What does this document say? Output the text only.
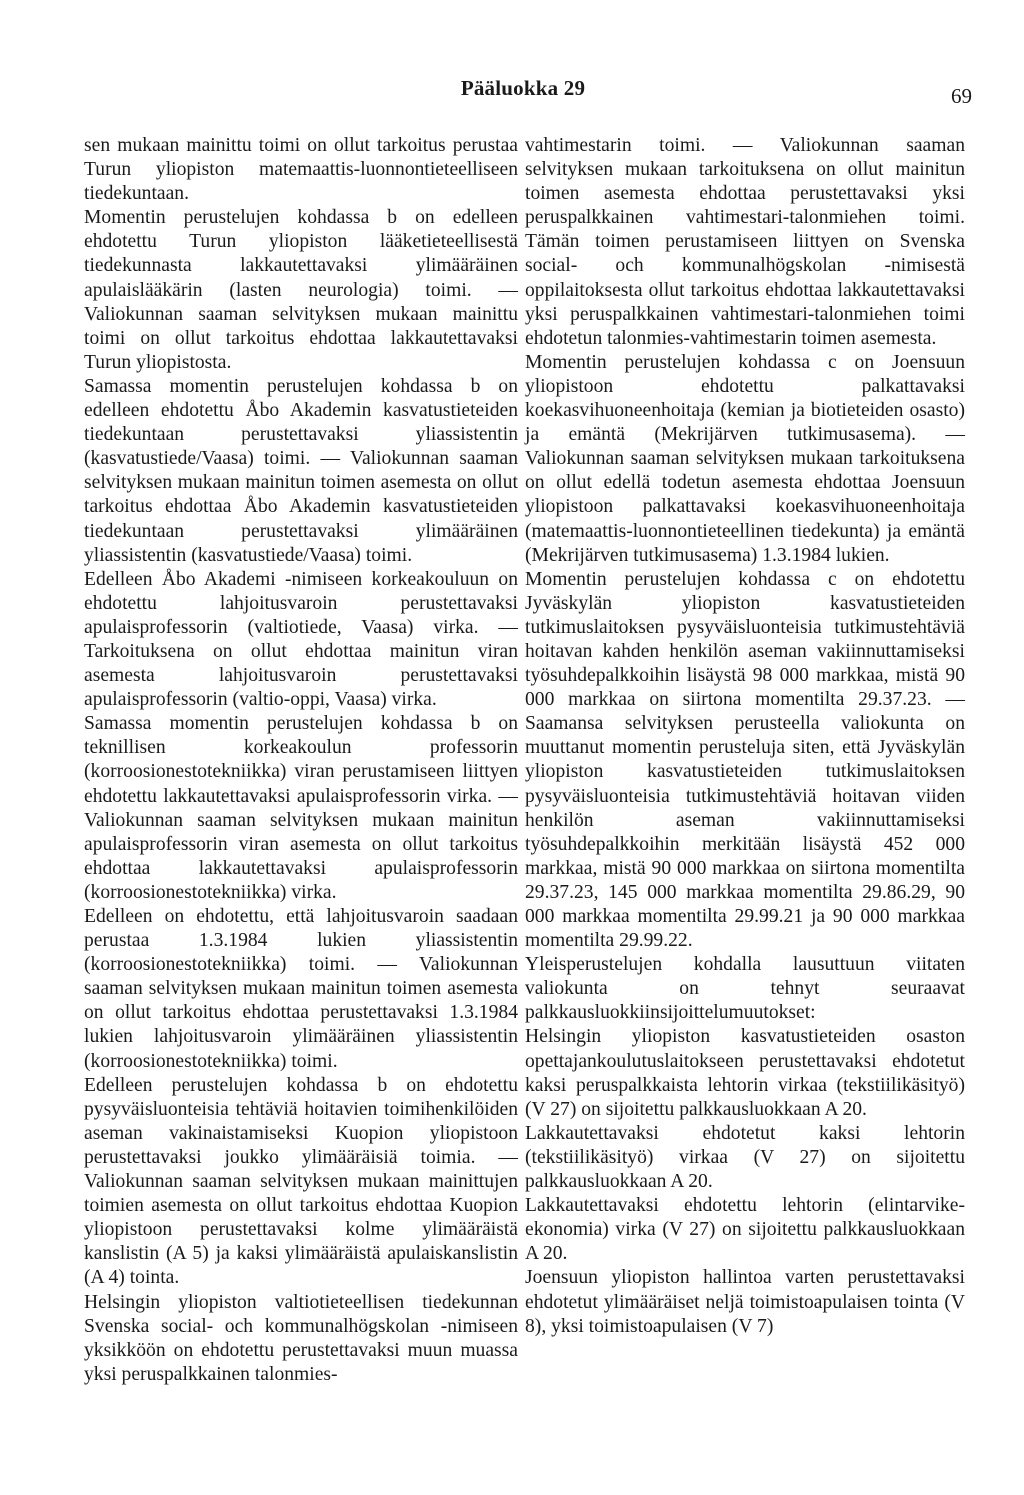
Pääluokka 29	69

sen mukaan mainittu toimi on ollut tarkoitus perustaa Turun yliopiston matemaattis-luonnontieteelliseen tiedekuntaan.

Momentin perustelujen kohdassa b on edelleen ehdotettu Turun yliopiston lääketieteellisestä tiedekunnasta lakkautettavaksi ylimääräinen apulaislääkärin (lasten neurologia) toimi. — Valiokunnan saaman selvityksen mukaan mainittu toimi on ollut tarkoitus ehdottaa lakkautettavaksi Turun yliopistosta.

Samassa momentin perustelujen kohdassa b on edelleen ehdotettu Åbo Akademin kasvatustieteiden tiedekuntaan perustettavaksi yliassistentin (kasvatustiede/Vaasa) toimi. — Valiokunnan saaman selvityksen mukaan mainitun toimen asemesta on ollut tarkoitus ehdottaa Åbo Akademin kasvatustieteiden tiedekuntaan perustettavaksi ylimääräinen yliassistentin (kasvatustiede/Vaasa) toimi.

Edelleen Åbo Akademi -nimiseen korkeakouluun on ehdotettu lahjoitusvaroin perustettavaksi apulaisprofessorin (valtiotiede, Vaasa) virka. — Tarkoituksena on ollut ehdottaa mainitun viran asemesta lahjoitusvaroin perustettavaksi apulaisprofessorin (valtio-oppi, Vaasa) virka.

Samassa momentin perustelujen kohdassa b on teknillisen korkeakoulun professorin (korroosionestotekniikka) viran perustamiseen liittyen ehdotettu lakkautettavaksi apulaisprofessorin virka. — Valiokunnan saaman selvityksen mukaan mainitun apulaisprofessorin viran asemesta on ollut tarkoitus ehdottaa lakkautettavaksi apulaisprofessorin (korroosionestotekniikka) virka.

Edelleen on ehdotettu, että lahjoitusvaroin saadaan perustaa 1.3.1984 lukien yliassistentin (korroosionestotekniikka) toimi. — Valiokunnan saaman selvityksen mukaan mainitun toimen asemesta on ollut tarkoitus ehdottaa perustettavaksi 1.3.1984 lukien lahjoitusvaroin ylimääräinen yliassistentin (korroosionestotekniikka) toimi.

Edelleen perustelujen kohdassa b on ehdotettu pysyväisluonteisia tehtäviä hoitavien toimihenkilöiden aseman vakinaistamiseksi Kuopion yliopistoon perustettavaksi joukko ylimääräisiä toimia. — Valiokunnan saaman selvityksen mukaan mainittujen toimien asemesta on ollut tarkoitus ehdottaa Kuopion yliopistoon perustettavaksi kolme ylimääräistä kanslistin (A 5) ja kaksi ylimääräistä apulaiskanslistin (A 4) tointa.

Helsingin yliopiston valtiotieteellisen tiedekunnan Svenska social- och kommunalhögskolan -nimiseen yksikköön on ehdotettu perustettavaksi muun muassa yksi peruspalkkainen talonmies-

vahtimestarin toimi. — Valiokunnan saaman selvityksen mukaan tarkoituksena on ollut mainitun toimen asemesta ehdottaa perustettavaksi yksi peruspalkkainen vahtimestari-talonmiehen toimi. Tämän toimen perustamiseen liittyen on Svenska social- och kommunalhögskolan -nimisestä oppilaitoksesta ollut tarkoitus ehdottaa lakkautettavaksi yksi peruspalkkainen vahtimestari-talonmiehen toimi ehdotetun talonmies-vahtimestarin toimen asemesta.

Momentin perustelujen kohdassa c on Joensuun yliopistoon ehdotettu palkattavaksi koekasvihuoneenhoitaja (kemian ja biotieteiden osasto) ja emäntä (Mekrijärven tutkimusasema). — Valiokunnan saaman selvityksen mukaan tarkoituksena on ollut edellä todetun asemesta ehdottaa Joensuun yliopistoon palkattavaksi koekasvihuoneenhoitaja (matemaattis-luonnontieteellinen tiedekunta) ja emäntä (Mekrijärven tutkimusasema) 1.3.1984 lukien.

Momentin perustelujen kohdassa c on ehdotettu Jyväskylän yliopiston kasvatustieteiden tutkimuslaitoksen pysyväisluonteisia tutkimustehtäviä hoitavan kahden henkilön aseman vakiinnuttamiseksi työsuhdepalkkoihin lisäystä 98 000 markkaa, mistä 90 000 markkaa on siirtona momentilta 29.37.23. — Saamansa selvityksen perusteella valiokunta on muuttanut momentin perusteluja siten, että Jyväskylän yliopiston kasvatustieteiden tutkimuslaitoksen pysyväisluonteisia tutkimustehtäviä hoitavan viiden henkilön aseman vakiinnuttamiseksi työsuhdepalkkoihin merkitään lisäystä 452 000 markkaa, mistä 90 000 markkaa on siirtona momentilta 29.37.23, 145 000 markkaa momentilta 29.86.29, 90 000 markkaa momentilta 29.99.21 ja 90 000 markkaa momentilta 29.99.22.

Yleisperustelujen kohdalla lausuttuun viitaten valiokunta on tehnyt seuraavat palkkausluokkiinsijoittelumuutokset:

Helsingin yliopiston kasvatustieteiden osaston opettajankoulutuslaitokseen perustettavaksi ehdotetut kaksi peruspalkkaista lehtorin virkaa (tekstiilikäsityö) (V 27) on sijoitettu palkkausluokkaan A 20.

Lakkautettavaksi ehdotetut kaksi lehtorin (tekstiilikäsityö) virkaa (V 27) on sijoitettu palkkausluokkaan A 20.

Lakkautettavaksi ehdotettu lehtorin (elintarvike-ekonomia) virka (V 27) on sijoitettu palkkausluokkaan A 20.

Joensuun yliopiston hallintoa varten perustettavaksi ehdotetut ylimääräiset neljä toimistoapulaisen tointa (V 8), yksi toimistoapulaisen (V 7)
